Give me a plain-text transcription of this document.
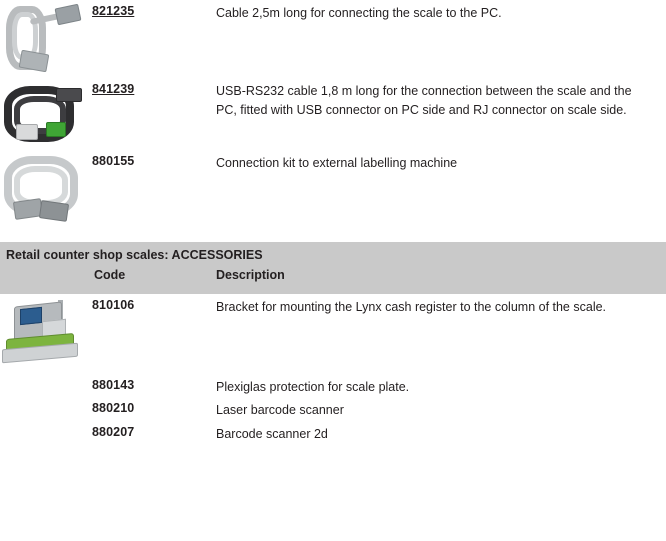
	821235	Cable 2,5m long for connecting the scale to the PC.

	841239	USB-RS232 cable 1,8 m long for the connection between the scale and the PC, fitted with USB connector on PC side and RJ connector on scale side.

	880155	Connection kit to external labelling machine

Retail counter shop scales: ACCESSORIES
	Code	Description

	810106	Bracket for mounting the Lynx cash register to the column of the scale.

	880143	Plexiglas protection for scale plate.

	880210	Laser barcode scanner

	880207	Barcode scanner 2d
